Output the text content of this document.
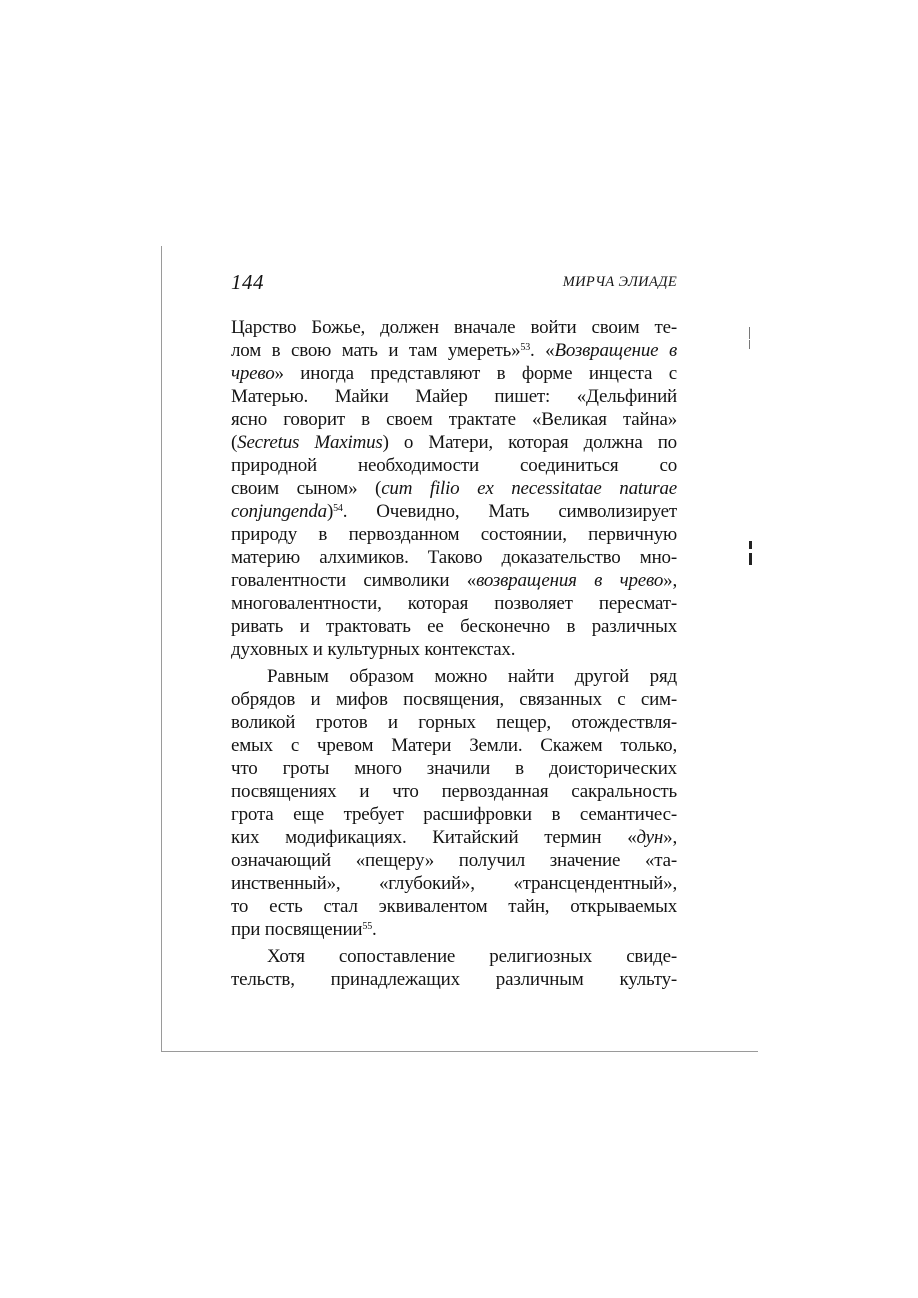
144	МИРЧА ЭЛИАДЕ
Царство Божье, должен вначале войти своим те-
лом в свою мать и там умереть»$^{53}$. «Возвращение в
чрево» иногда представляют в форме инцеста с
Матерью. Майки Майер пишет: «Дельфиний
ясно говорит в своем трактате «Великая тайна»
(Secretus Maximus) о Матери, которая должна по
природной необходимости соединиться со
своим сыном» (cum filio ex necessitatae naturae
conjungenda)$^{54}$. Очевидно, Мать символизирует
природу в первозданном состоянии, первичную
материю алхимиков. Таково доказательство мно-
говалентности символики «возвращения в чрево»,
многовалентности, которая позволяет пересмат-
ривать и трактовать ее бесконечно в различных
духовных и культурных контекстах.
Равным образом можно найти другой ряд
обрядов и мифов посвящения, связанных с сим-
воликой гротов и горных пещер, отождествля-
емых с чревом Матери Земли. Скажем только,
что гроты много значили в доисторических
посвящениях и что первозданная сакральность
грота еще требует расшифровки в семантичес-
ких модификациях. Китайский термин «дун»,
означающий «пещеру» получил значение «та-
инственный», «глубокий», «трансцендентный»,
то есть стал эквивалентом тайн, открываемых
при посвящении$^{55}$.
Хотя сопоставление религиозных свиде-
тельств, принадлежащих различным культу-
